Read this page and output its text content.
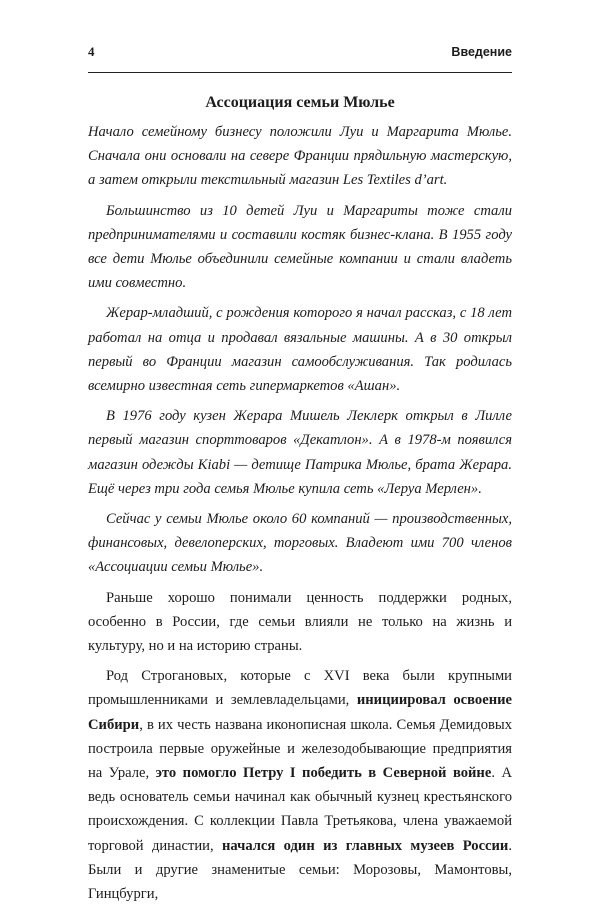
4	Введение
Ассоциация семьи Мюлье

Начало семейному бизнесу положили Луи и Маргарита Мюлье. Сначала они основали на севере Франции прядильную мастерскую, а затем открыли текстильный магазин Les Textiles d’art.

Большинство из 10 детей Луи и Маргариты тоже стали предпринимателями и составили костяк бизнес-клана. В 1955 году все дети Мюлье объединили семейные компании и стали владеть ими совместно.

Жерар-младший, с рождения которого я начал рассказ, с 18 лет работал на отца и продавал вязальные машины. А в 30 открыл первый во Франции магазин самообслуживания. Так родилась всемирно известная сеть гипермаркетов «Ашан».

В 1976 году кузен Жерара Мишель Леклерк открыл в Лилле первый магазин спорттоваров «Декатлон». А в 1978-м появился магазин одежды Kiabi — детище Патрика Мюлье, брата Жерара. Ещё через три года семья Мюлье купила сеть «Леруа Мерлен».

Сейчас у семьи Мюлье около 60 компаний — производственных, финансовых, девелоперских, торговых. Владеют ими 700 членов «Ассоциации семьи Мюлье».

Раньше хорошо понимали ценность поддержки родных, особенно в России, где семьи влияли не только на жизнь и культуру, но и на историю страны.

Род Строгановых, которые с XVI века были крупными промышленниками и землевладельцами, инициировал освоение Сибири, в их честь названа иконописная школа. Семья Демидовых построила первые оружейные и железодобывающие предприятия на Урале, это помогло Петру I победить в Северной войне. А ведь основатель семьи начинал как обычный кузнец крестьянского происхождения. С коллекции Павла Третьякова, члена уважаемой торговой династии, начался один из главных музеев России. Были и другие знаменитые семьи: Морозовы, Мамонтовы, Гинцбурги,
